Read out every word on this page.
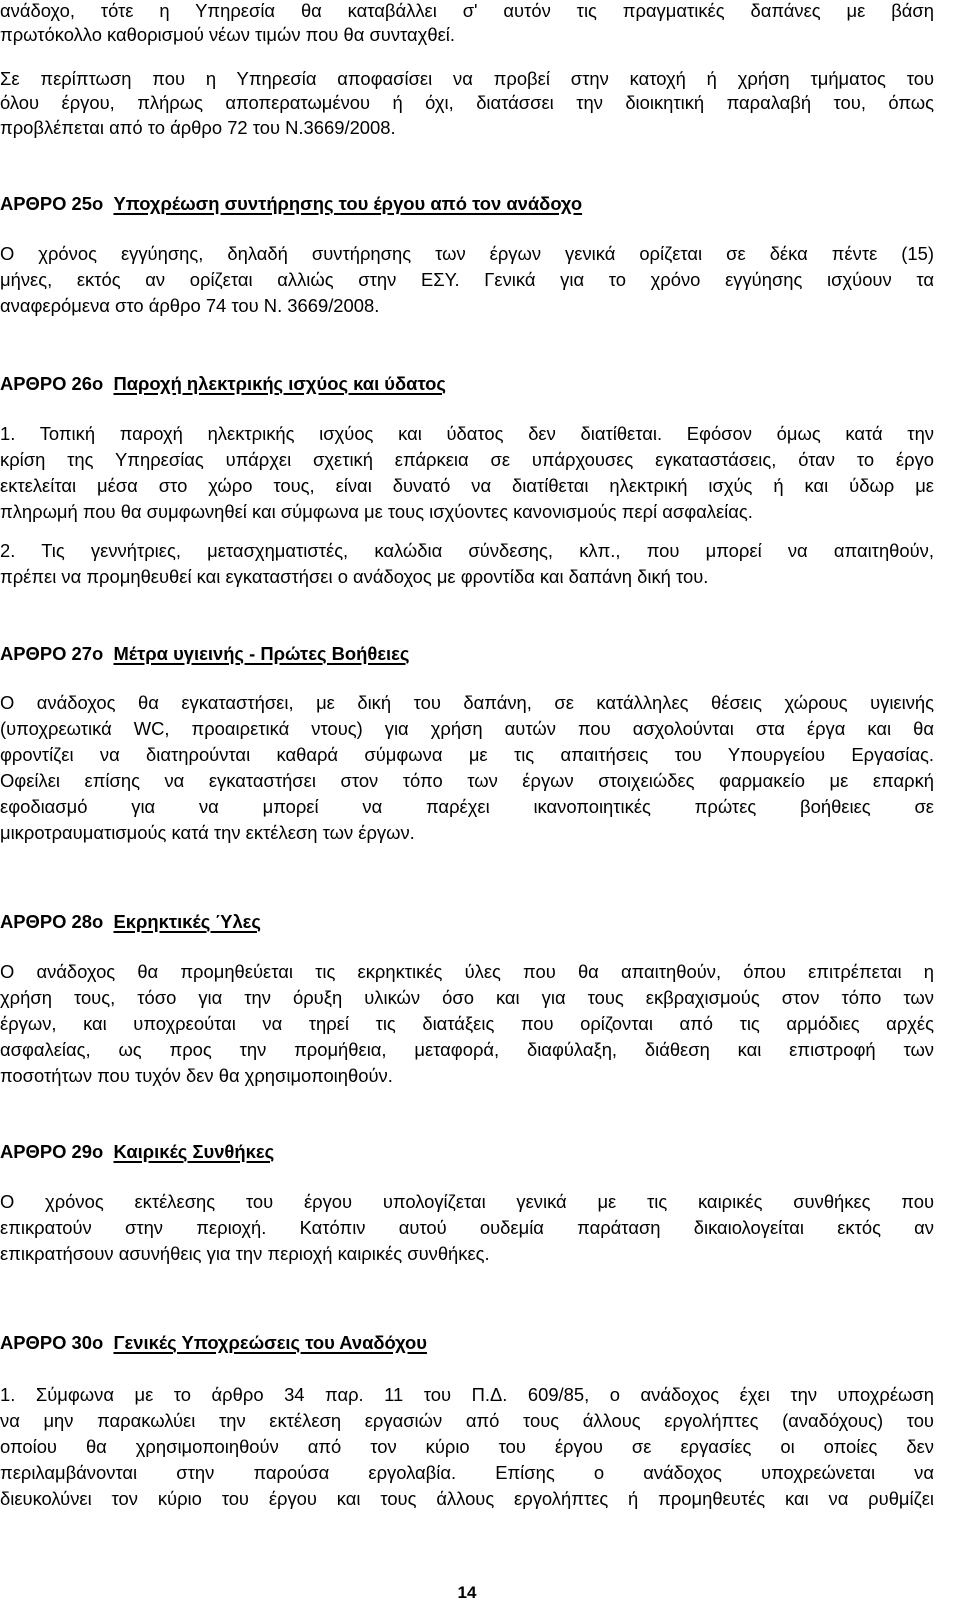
ανάδοχο, τότε η Υπηρεσία θα καταβάλλει σ' αυτόν τις πραγματικές δαπάνες με βάση

πρωτόκολλο καθορισμού νέων τιμών που θα συνταχθεί.

Σε περίπτωση που η Υπηρεσία αποφασίσει να προβεί στην κατοχή ή χρήση τμήματος του

όλου έργου, πλήρως αποπερατωμένου ή όχι, διατάσσει την διοικητική παραλαβή του, όπως

προβλέπεται από το άρθρο 72 του Ν.3669/2008.

ΑΡΘΡΟ 25ο Υποχρέωση συντήρησης του έργου από τον ανάδοχο

Ο χρόνος εγγύησης, δηλαδή συντήρησης των έργων γενικά ορίζεται σε δέκα πέντε (15)

μήνες, εκτός αν ορίζεται αλλιώς στην ΕΣΥ. Γενικά για το χρόνο εγγύησης ισχύουν τα

αναφερόμενα στο άρθρο 74 του Ν. 3669/2008.

ΑΡΘΡΟ 26ο Παροχή ηλεκτρικής ισχύος και ύδατος

1. Τοπική παροχή ηλεκτρικής ισχύος και ύδατος δεν διατίθεται. Εφόσον όμως κατά την

κρίση της Υπηρεσίας υπάρχει σχετική επάρκεια σε υπάρχουσες εγκαταστάσεις, όταν το έργο

εκτελείται μέσα στο χώρο τους, είναι δυνατό να διατίθεται ηλεκτρική ισχύς ή και ύδωρ με

πληρωμή που θα συμφωνηθεί και σύμφωνα με τους ισχύοντες κανονισμούς περί ασφαλείας.

2. Τις γεννήτριες, μετασχηματιστές, καλώδια σύνδεσης, κλπ., που μπορεί να απαιτηθούν,

πρέπει να προμηθευθεί και εγκαταστήσει ο ανάδοχος με φροντίδα και δαπάνη δική του.

ΑΡΘΡΟ 27ο Μέτρα υγιεινής - Πρώτες Βοήθειες

Ο ανάδοχος θα εγκαταστήσει, με δική του δαπάνη, σε κατάλληλες θέσεις χώρους υγιεινής

(υποχρεωτικά WC, προαιρετικά ντους) για χρήση αυτών που ασχολούνται στα έργα και θα

φροντίζει να διατηρούνται καθαρά σύμφωνα με τις απαιτήσεις του Υπουργείου Εργασίας.

Οφείλει επίσης να εγκαταστήσει στον τόπο των έργων στοιχειώδες φαρμακείο με επαρκή

εφοδιασμό για να μπορεί να παρέχει ικανοποιητικές πρώτες βοήθειες σε

μικροτραυματισμούς κατά την εκτέλεση των έργων.

ΑΡΘΡΟ 28ο Εκρηκτικές Ύλες

Ο ανάδοχος θα προμηθεύεται τις εκρηκτικές ύλες που θα απαιτηθούν, όπου επιτρέπεται η

χρήση τους, τόσο για την όρυξη υλικών όσο και για τους εκβραχισμούς στον τόπο των

έργων, και υποχρεούται να τηρεί τις διατάξεις που ορίζονται από τις αρμόδιες αρχές

ασφαλείας, ως προς την προμήθεια, μεταφορά, διαφύλαξη, διάθεση και επιστροφή των

ποσοτήτων που τυχόν δεν θα χρησιμοποιηθούν.

ΑΡΘΡΟ 29ο Καιρικές Συνθήκες

Ο χρόνος εκτέλεσης του έργου υπολογίζεται γενικά με τις καιρικές συνθήκες που

επικρατούν στην περιοχή. Κατόπιν αυτού ουδεμία παράταση δικαιολογείται εκτός αν

επικρατήσουν ασυνήθεις για την περιοχή καιρικές συνθήκες.

ΑΡΘΡΟ 30ο Γενικές Υποχρεώσεις του Αναδόχου

1. Σύμφωνα με το άρθρο 34 παρ. 11 του Π.Δ. 609/85, ο ανάδοχος έχει την υποχρέωση

να μην παρακωλύει την εκτέλεση εργασιών από τους άλλους εργολήπτες (αναδόχους) του

οποίου θα χρησιμοποιηθούν από τον κύριο του έργου σε εργασίες οι οποίες δεν

περιλαμβάνονται στην παρούσα εργολαβία. Επίσης ο ανάδοχος υποχρεώνεται να

διευκολύνει τον κύριο του έργου και τους άλλους εργολήπτες ή προμηθευτές και να ρυθμίζει

14
